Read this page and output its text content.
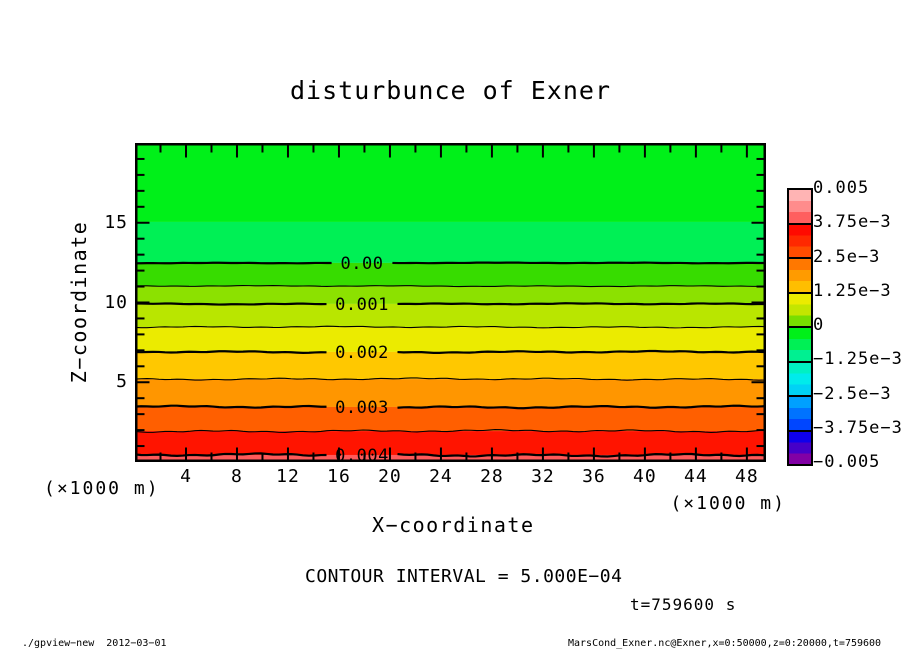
disturbunce of Exner
0.00
0.001
0.002
0.003
0.004
Z−coordinate
(×1000 m)
X−coordinate
(×1000 m)
4	8	12	16	20	24	28	32	36	40	44	48
5
10
15
0.005
3.75e−3
2.5e−3
1.25e−3
0
−1.25e−3
−2.5e−3
−3.75e−3
−0.005
CONTOUR INTERVAL = 5.000E−04
t=759600 s
./gpview−new  2012−03−01	MarsCond_Exner.nc@Exner,x=0:50000,z=0:20000,t=759600
